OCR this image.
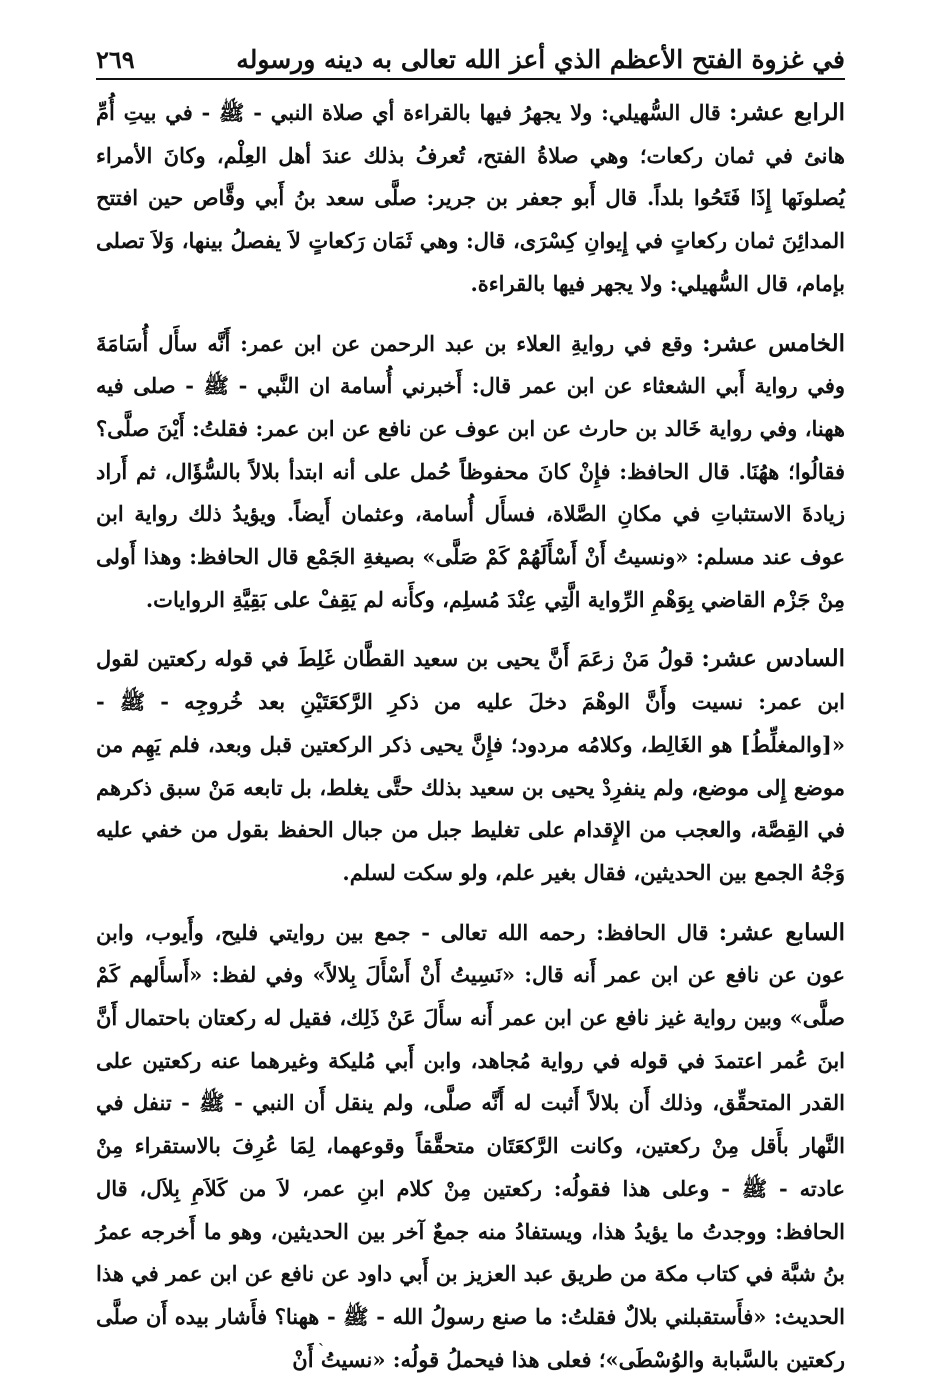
في غزوة الفتح الأعظم الذي أعز الله تعالى به دينه ورسوله
٢٦٩

الرابع عشر: قال السُّهيلي: ولا يجهرُ فيها بالقراءة أي صلاة النبي - ﷺ - في بيتِ أُمِّ هانئ في ثمان ركعات؛ وهي صلاةُ الفتح، تُعرفُ بذلك عندَ أهل العِلْم، وكانَ الأمراء يُصلونَها إِذَا فَتَحُوا بلداً. قال أَبو جعفر بن جرير: صلَّى سعد بنُ أَبي وقَّاص حين افتتح المدائِنَ ثمان ركعاتٍ في إِيوانِ كِسْرَى، قال: وهي ثَمَان رَكعاتٍ لاَ يفصلُ بينها، وَلاَ تصلى بإمام، قال السُّهيلي: ولا يجهر فيها بالقراءة.

الخامس عشر: وقع في روايةِ العلاء بن عبد الرحمن عن ابن عمر: أَنَّه سأَل أُسَامَةَ وفي رواية أَبي الشعثاء عن ابن عمر قال: أَخبرني أُسامة ان النَّبي - ﷺ - صلى فيه ههنا، وفي رواية خَالد بن حارث عن ابن عوف عن نافع عن ابن عمر: فقلتُ: أَيْنَ صلَّى؟ فقالُوا؛ ههُنَا. قال الحافظ: فإِنْ كانَ محفوظاً حُمل على أنه ابتدأ بلالاً بالسُّؤَال، ثم أَراد زيادةَ الاستثباتِ في مكانِ الصَّلاة، فسأَل أُسامة، وعثمان أَيضاً. ويؤيدُ ذلك رواية ابن عوف عند مسلم: «ونسيتُ أَنْ أَسْأَلَهُمْ كَمْ صَلَّى» بصيغةِ الجَمْع قال الحافظ: وهذا أَولى مِنْ جَزْم القاضي بِوَهْمِ الرِّواية الَّتِي عِنْدَ مُسلِم، وكأَنه لم يَقِفْ على بَقِيَّةِ الروايات.

السادس عشر: قولُ مَنْ زعَمَ أَنَّ يحيى بن سعيد القطَّان غَلِطَ في قوله ركعتين لقول ابن عمر: نسيت وأَنَّ الوهْمَ دخلَ عليه من ذكرِ الرَّكعَتَيْنِ بعد خُروجِه - ﷺ - «[والمغلِّطُ] هو الغَالِط، وكلامُه مردود؛ فإِنَّ يحيى ذكر الركعتين قبل وبعد، فلم يَهِم من موضع إِلى موضع، ولم ينفرِدْ يحيى بن سعيد بذلك حتَّى يغلط، بل تابعه مَنْ سبق ذكرهم في القِصَّة، والعجب من الإِقدام على تغليط جبل من جبال الحفظ بقول من خفي عليه وَجْهُ الجمع بين الحديثين، فقال بغير علم، ولو سكت لسلم.

السابع عشر: قال الحافظ: رحمه الله تعالى - جمع بين روايتي فليح، وأَيوب، وابن عون عن نافع عن ابن عمر أَنه قال: «نَسِيتُ أَنْ أَسْأَلَ بِلالاً» وفي لفظ: «أَسأَلهم كَمْ صلَّى» وبين رواية غيز نافع عن ابن عمر أَنه سأَلَ عَنْ ذَلِك، فقيل له ركعتان باحتمال أَنَّ ابنَ عُمر اعتمدَ في قوله في رواية مُجاهد، وابن أَبي مُليكة وغيرهما عنه ركعتين على القدر المتحقِّق، وذلك أَن بلالاً أَثبت له أَنَّه صلَّى، ولم ينقل أَن النبي - ﷺ - تنفل في النَّهار بأَقل مِنْ ركعتين، وكانت الرَّكعَتَان متحقَّقاً وقوعهما، لِمَا عُرِفَ بالاستقراء مِنْ عادته - ﷺ - وعلى هذا فقولُه: ركعتين مِنْ كلام ابنِ عمر، لاَ من كَلاَمِ بِلاَل، قال الحافظ: ووجدتُ ما يؤيدُ هذا، ويستفادُ منه جمعٌ آخر بين الحديثين، وهو ما أَخرجه عمرُ بنُ شبَّة في كتاب مكة من طريق عبد العزيز بن أَبي داود عن نافع عن ابن عمر في هذا الحديث: «فأَستقبلني بلالٌ فقلتُ: ما صنع رسولُ الله - ﷺ - ههنا؟ فأَشار بيده أَن صلَّى ركعتين بالسَّبابة والوُسْطَى»؛ فعلى هذا فيحملُ قولُه: «نسيتُ أَنْ

ˎ
